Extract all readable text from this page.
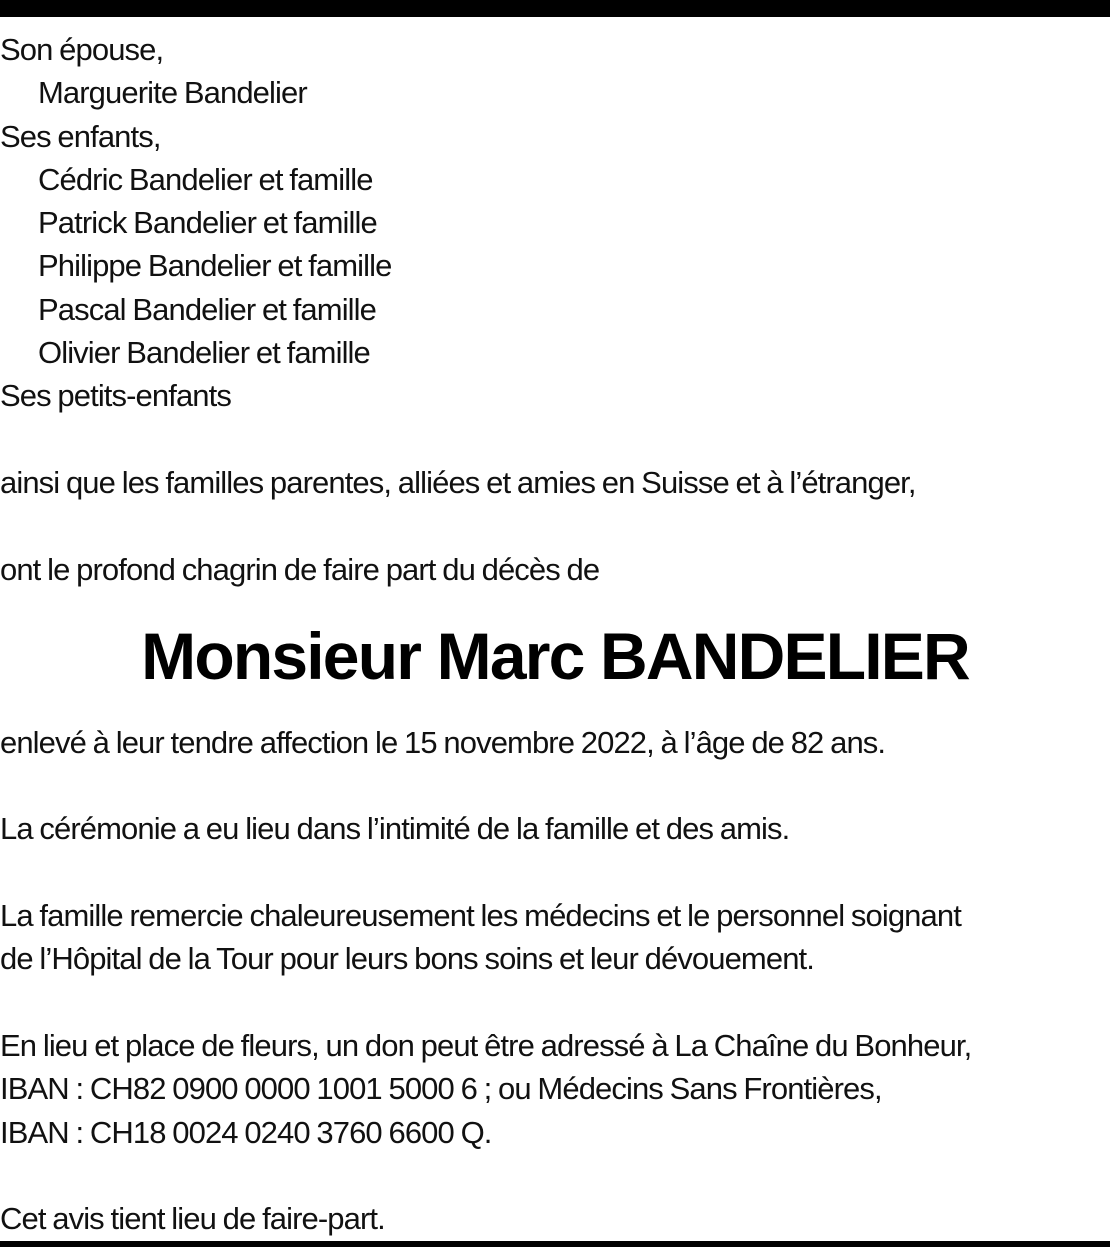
Son épouse,
Marguerite Bandelier
Ses enfants,
Cédric Bandelier et famille
Patrick Bandelier et famille
Philippe Bandelier et famille
Pascal Bandelier et famille
Olivier Bandelier et famille
Ses petits-enfants
ainsi que les familles parentes, alliées et amies en Suisse et à l’étranger,
ont le profond chagrin de faire part du décès de
Monsieur Marc BANDELIER
enlevé à leur tendre affection le 15 novembre 2022, à l’âge de 82 ans.
La cérémonie a eu lieu dans l’intimité de la famille et des amis.
La famille remercie chaleureusement les médecins et le personnel soignant
de l’Hôpital de la Tour pour leurs bons soins et leur dévouement.
En lieu et place de fleurs, un don peut être adressé à La Chaîne du Bonheur,
IBAN : CH82 0900 0000 1001 5000 6 ; ou Médecins Sans Frontières,
IBAN : CH18 0024 0240 3760 6600 Q.
Cet avis tient lieu de faire-part.
